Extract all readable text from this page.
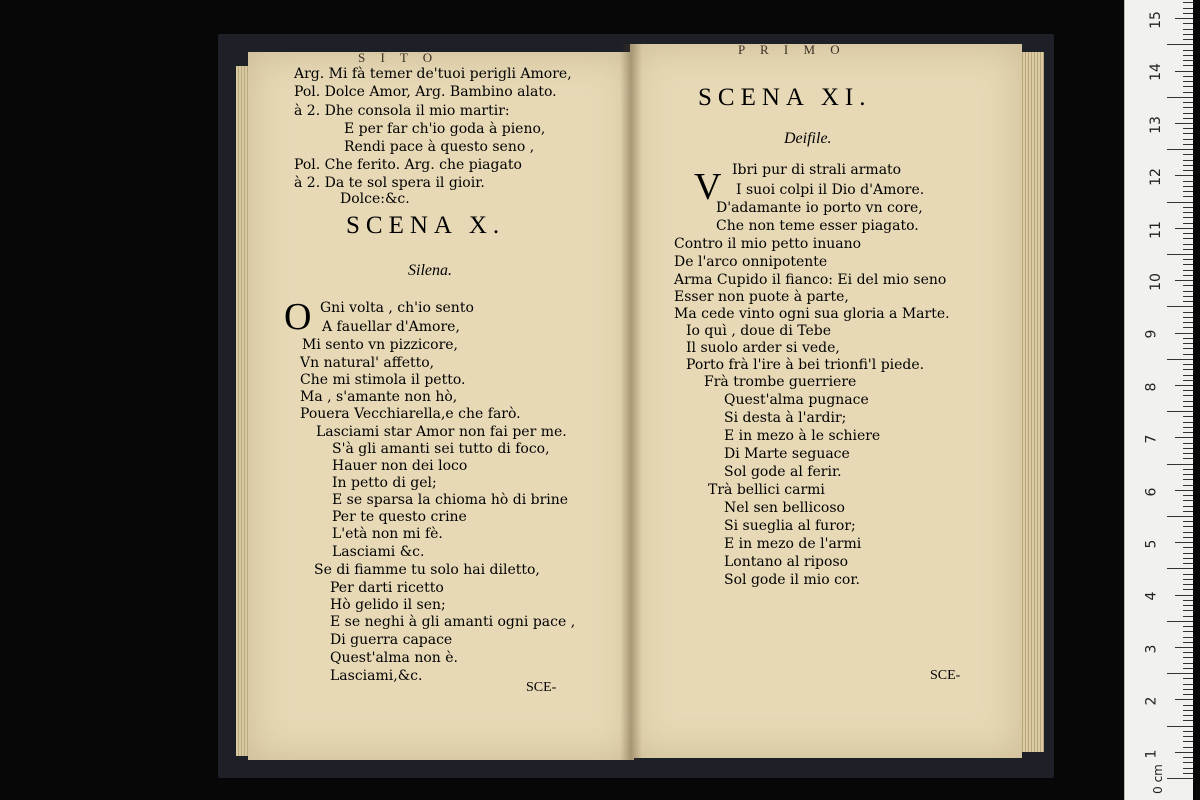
S I T O
P R I M O
Arg. Mi fà temer de'tuoi perigli Amore,
Pol. Dolce Amor, Arg. Bambino alato.
à 2. Dhe consola il mio martir:
E per far ch'io goda à pieno,
Rendi pace à questo seno ,
Pol. Che ferito. Arg. che piagato
à 2. Da te sol spera il gioir.
Dolce:&c.
SCENA X.
Silena.
O Gni volta , ch'io sento
A fauellar d'Amore,
Mi sento vn pizzicore,
Vn natural' affetto,
Che mi stimola il petto.
Ma , s'amante non hò,
Pouera Vecchiarella,e che farò.
Lasciami star Amor non fai per me.
S'à gli amanti sei tutto di foco,
Hauer non dei loco
In petto di gel;
E se sparsa la chioma hò di brine
Per te questo crine
L'età non mi fè.
Lasciami &c.
Se di fiamme tu solo hai diletto,
Per darti ricetto
Hò gelido il sen;
E se neghi à gli amanti ogni pace ,
Di guerra capace
Quest'alma non è.
Lasciami,&c.
SCE-
SCENA XI.
Deifile.
V Ibri pur di strali armato
I suoi colpi il Dio d'Amore.
D'adamante io porto vn core,
Che non teme esser piagato.
Contro il mio petto inuano
De l'arco onnipotente
Arma Cupido il fianco: Ei del mio seno
Esser non puote à parte,
Ma cede vinto ogni sua gloria a Marte.
Io quì , doue di Tebe
Il suolo arder si vede,
Porto frà l'ire à bei trionfi'l piede.
Frà trombe guerriere
Quest'alma pugnace
Si desta à l'ardir;
E in mezo à le schiere
Di Marte seguace
Sol gode al ferir.
Trà bellici carmi
Nel sen bellicoso
Si sueglia al furor;
E in mezo de l'armi
Lontano al riposo
Sol gode il mio cor.
SCE-
0 cm
15
14
13
12
11
10
9
8
7
6
5
4
3
2
1
